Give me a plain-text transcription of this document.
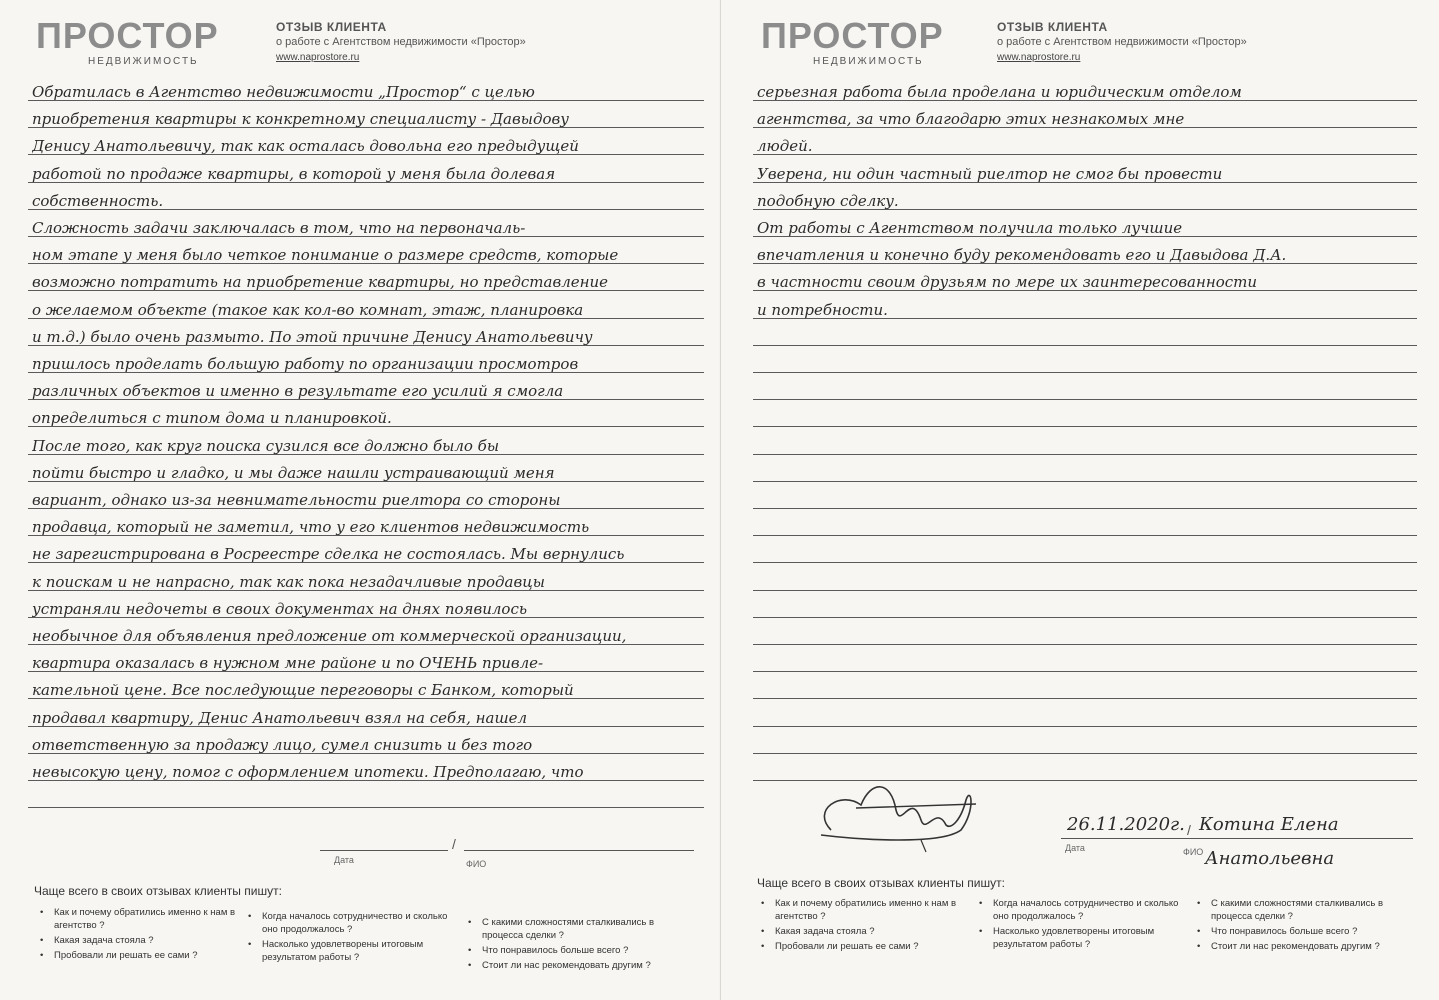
ПРОСТОР
НЕДВИЖИМОСТЬ
ОТЗЫВ КЛИЕНТА
о работе с Агентством недвижимости «Простор»
www.naprostore.ru
Обратилась в Агентство недвижимости „Простор“ с целью
приобретения квартиры к конкретному специалисту - Давыдову
Денису Анатольевичу, так как осталась довольна его предыдущей
работой по продаже квартиры, в которой у меня была долевая
собственность.
Сложность задачи заключалась в том, что на первоначаль-
ном этапе у меня было четкое понимание о размере средств, которые
возможно потратить на приобретение квартиры, но представление
о желаемом объекте (такое как кол-во комнат, этаж, планировка
и т.д.) было очень размыто. По этой причине Денису Анатольевичу
пришлось проделать большую работу по организации просмотров
различных объектов и именно в результате его усилий я смогла
определиться с типом дома и планировкой.
После того, как круг поиска сузился все должно было бы
пойти быстро и гладко, и мы даже нашли устраивающий меня
вариант, однако из-за невнимательности риелтора со стороны
продавца, который не заметил, что у его клиентов недвижимость
не зарегистрирована в Росреестре сделка не состоялась. Мы вернулись
к поискам и не напрасно, так как пока незадачливые продавцы
устраняли недочеты в своих документах на днях появилось
необычное для объявления предложение от коммерческой организации,
квартира оказалась в нужном мне районе и по ОЧЕНЬ привле-
кательной цене. Все последующие переговоры с Банком, который
продавал квартиру, Денис Анатольевич взял на себя, нашел
ответственную за продажу лицо, сумел снизить и без того
невысокую цену, помог с оформлением ипотеки. Предполагаю, что
/
Дата	ФИО
Чаще всего в своих отзывах клиенты пишут:
• Как и почему обратились именно к нам в агентство ?
• Какая задача стояла ?
• Пробовали ли решать ее сами ?
• Когда началось сотрудничество и сколько оно продолжалось ?
• Насколько удовлетворены итоговым результатом работы ?
• С какими сложностями сталкивались в процесса сделки ?
• Что понравилось больше всего ?
• Стоит ли нас рекомендовать другим ?
ПРОСТОР
НЕДВИЖИМОСТЬ
ОТЗЫВ КЛИЕНТА
о работе с Агентством недвижимости «Простор»
www.naprostore.ru
серьезная работа была проделана и юридическим отделом
агентства, за что благодарю этих незнакомых мне
людей.
Уверена, ни один частный риелтор не смог бы провести
подобную сделку.
От работы с Агентством получила только лучшие
впечатления и конечно буду рекомендовать его и Давыдова Д.А.
в частности своим друзьям по мере их заинтересованности
и потребности.
/
26.11.2020г. Котина Елена
Анатольевна
Дата	ФИО
Чаще всего в своих отзывах клиенты пишут:
• Как и почему обратились именно к нам в агентство ?
• Какая задача стояла ?
• Пробовали ли решать ее сами ?
• Когда началось сотрудничество и сколько оно продолжалось ?
• Насколько удовлетворены итоговым результатом работы ?
• С какими сложностями сталкивались в процесса сделки ?
• Что понравилось больше всего ?
• Стоит ли нас рекомендовать другим ?
